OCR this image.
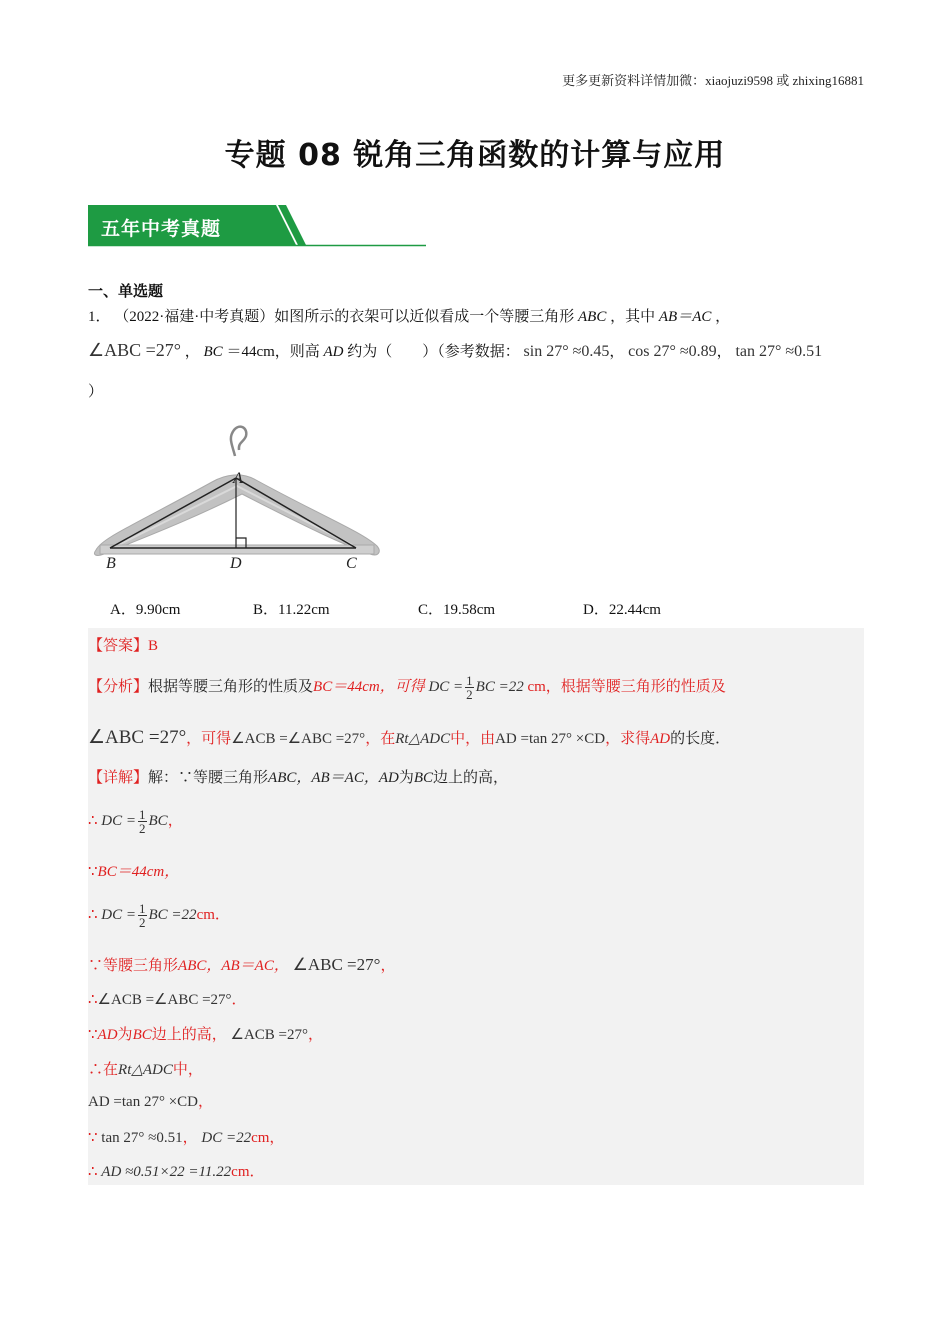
更多更新资料详情加微：xiaojuzi9598 或 zhixing16881
专题 08 锐角三角函数的计算与应用
五年中考真题
一、单选题
1． （2022·福建·中考真题）如图所示的衣架可以近似看成一个等腰三角形 ABC ，其中 AB＝AC ，
∠ABC =27° ， BC ＝44cm，则高 AD 约为（　　）（参考数据： sin 27° ≈0.45， cos 27° ≈0.89， tan 27° ≈0.51
）
A
B	D	C
A．9.90cm	B．11.22cm	C．19.58cm	D．22.44cm
【答案】B
【分析】根据等腰三角形的性质及BC＝44cm，可得 DC = $\frac{1}{2}$ BC =22 cm，根据等腰三角形的性质及
∠ABC =27°，可得∠ACB =∠ABC =27°，在Rt△ADC中，由AD =tan 27° ×CD，求得AD的长度．
【详解】解：∵等腰三角形ABC，AB＝AC，AD为BC边上的高，
∴ DC = $\frac{1}{2}$ BC，
∵BC＝44cm，
∴ DC = $\frac{1}{2}$ BC =22cm．
∵等腰三角形ABC，AB＝AC， ∠ABC =27°，
∴∠ACB =∠ABC =27°．
∵AD为BC边上的高， ∠ACB =27°，
∴在Rt△ADC中，
AD =tan 27° ×CD，
∵ tan 27° ≈0.51， DC =22cm，
∴ AD ≈0.51×22 =11.22cm．
